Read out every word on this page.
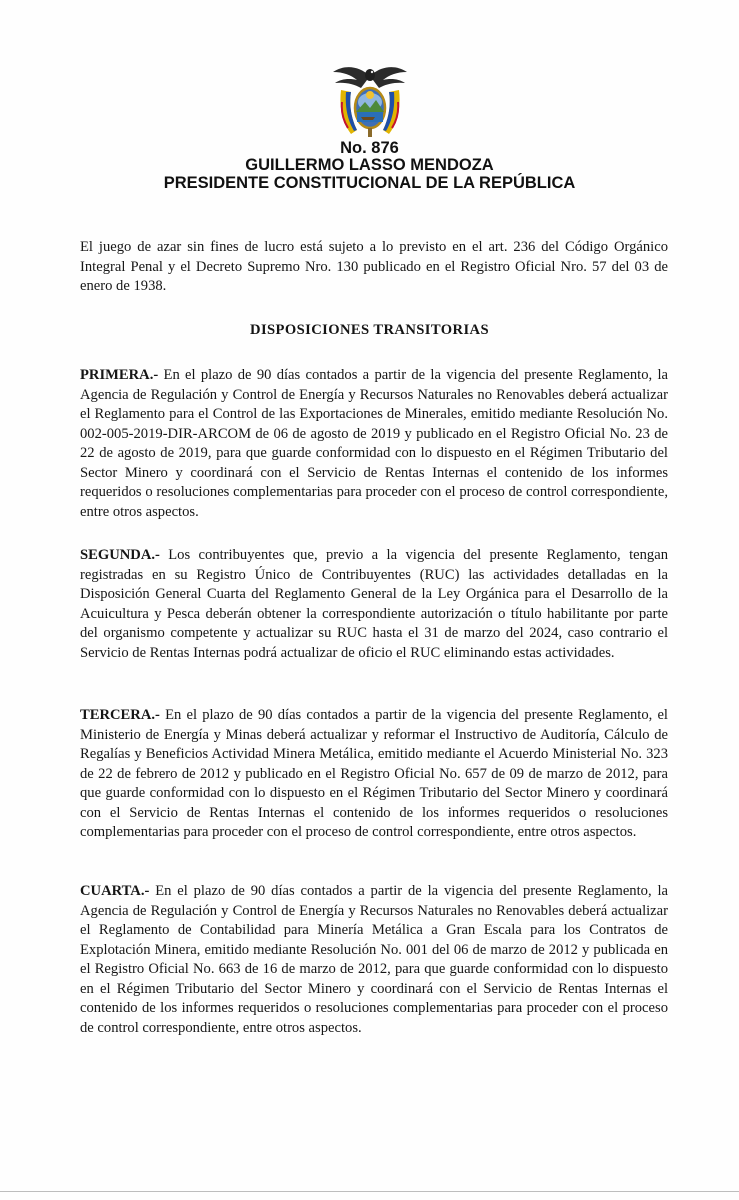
No. 876
GUILLERMO LASSO MENDOZA
PRESIDENTE CONSTITUCIONAL DE LA REPÚBLICA

El juego de azar sin fines de lucro está sujeto a lo previsto en el art. 236 del Código Orgánico Integral Penal y el Decreto Supremo Nro. 130 publicado en el Registro Oficial Nro. 57 del 03 de enero de 1938.

DISPOSICIONES TRANSITORIAS

PRIMERA.- En el plazo de 90 días contados a partir de la vigencia del presente Reglamento, la Agencia de Regulación y Control de Energía y Recursos Naturales no Renovables deberá actualizar el Reglamento para el Control de las Exportaciones de Minerales, emitido mediante Resolución No. 002-005-2019-DIR-ARCOM de 06 de agosto de 2019 y publicado en el Registro Oficial No. 23 de 22 de agosto de 2019, para que guarde conformidad con lo dispuesto en el Régimen Tributario del Sector Minero y coordinará con el Servicio de Rentas Internas el contenido de los informes requeridos o resoluciones complementarias para proceder con el proceso de control correspondiente, entre otros aspectos.

SEGUNDA.- Los contribuyentes que, previo a la vigencia del presente Reglamento, tengan registradas en su Registro Único de Contribuyentes (RUC) las actividades detalladas en la Disposición General Cuarta del Reglamento General de la Ley Orgánica para el Desarrollo de la Acuicultura y Pesca deberán obtener la correspondiente autorización o título habilitante por parte del organismo competente y actualizar su RUC hasta el 31 de marzo del 2024, caso contrario el Servicio de Rentas Internas podrá actualizar de oficio el RUC eliminando estas actividades.

TERCERA.- En el plazo de 90 días contados a partir de la vigencia del presente Reglamento, el Ministerio de Energía y Minas deberá actualizar y reformar el Instructivo de Auditoría, Cálculo de Regalías y Beneficios Actividad Minera Metálica, emitido mediante el Acuerdo Ministerial No. 323 de 22 de febrero de 2012 y publicado en el Registro Oficial No. 657 de 09 de marzo de 2012, para que guarde conformidad con lo dispuesto en el Régimen Tributario del Sector Minero y coordinará con el Servicio de Rentas Internas el contenido de los informes requeridos o resoluciones complementarias para proceder con el proceso de control correspondiente, entre otros aspectos.

CUARTA.- En el plazo de 90 días contados a partir de la vigencia del presente Reglamento, la Agencia de Regulación y Control de Energía y Recursos Naturales no Renovables deberá actualizar el Reglamento de Contabilidad para Minería Metálica a Gran Escala para los Contratos de Explotación Minera, emitido mediante Resolución No. 001 del 06 de marzo de 2012 y publicada en el Registro Oficial No. 663 de 16 de marzo de 2012, para que guarde conformidad con lo dispuesto en el Régimen Tributario del Sector Minero y coordinará con el Servicio de Rentas Internas el contenido de los informes requeridos o resoluciones complementarias para proceder con el proceso de control correspondiente, entre otros aspectos.
